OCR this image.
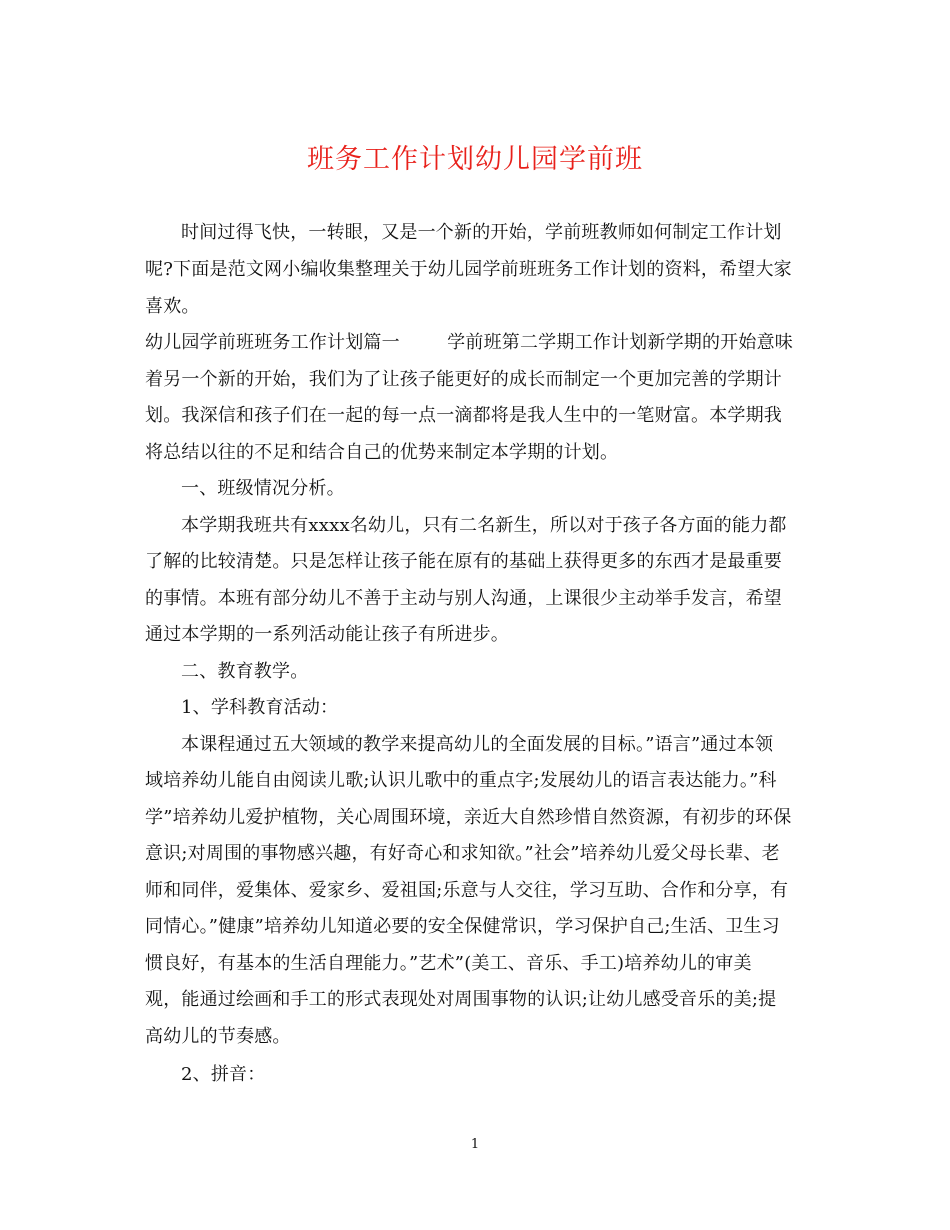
班务工作计划幼儿园学前班
时间过得飞快，一转眼，又是一个新的开始，学前班教师如何制定工作计划
呢?下面是范文网小编收集整理关于幼儿园学前班班务工作计划的资料，希望大家
喜欢。
幼儿园学前班班务工作计划篇一        学前班第二学期工作计划新学期的开始意味
着另一个新的开始，我们为了让孩子能更好的成长而制定一个更加完善的学期计
划。我深信和孩子们在一起的每一点一滴都将是我人生中的一笔财富。本学期我
将总结以往的不足和结合自己的优势来制定本学期的计划。
一、班级情况分析。
本学期我班共有xxxx名幼儿，只有二名新生，所以对于孩子各方面的能力都
了解的比较清楚。只是怎样让孩子能在原有的基础上获得更多的东西才是最重要
的事情。本班有部分幼儿不善于主动与别人沟通，上课很少主动举手发言，希望
通过本学期的一系列活动能让孩子有所进步。
二、教育教学。
1、学科教育活动：
本课程通过五大领域的教学来提高幼儿的全面发展的目标。”语言”通过本领
域培养幼儿能自由阅读儿歌;认识儿歌中的重点字;发展幼儿的语言表达能力。”科
学”培养幼儿爱护植物，关心周围环境，亲近大自然珍惜自然资源，有初步的环保
意识;对周围的事物感兴趣，有好奇心和求知欲。”社会”培养幼儿爱父母长辈、老
师和同伴，爱集体、爱家乡、爱祖国;乐意与人交往，学习互助、合作和分享，有
同情心。”健康”培养幼儿知道必要的安全保健常识，学习保护自己;生活、卫生习
惯良好，有基本的生活自理能力。”艺术”(美工、音乐、手工)培养幼儿的审美
观，能通过绘画和手工的形式表现处对周围事物的认识;让幼儿感受音乐的美;提
高幼儿的节奏感。
2、拼音：
1
